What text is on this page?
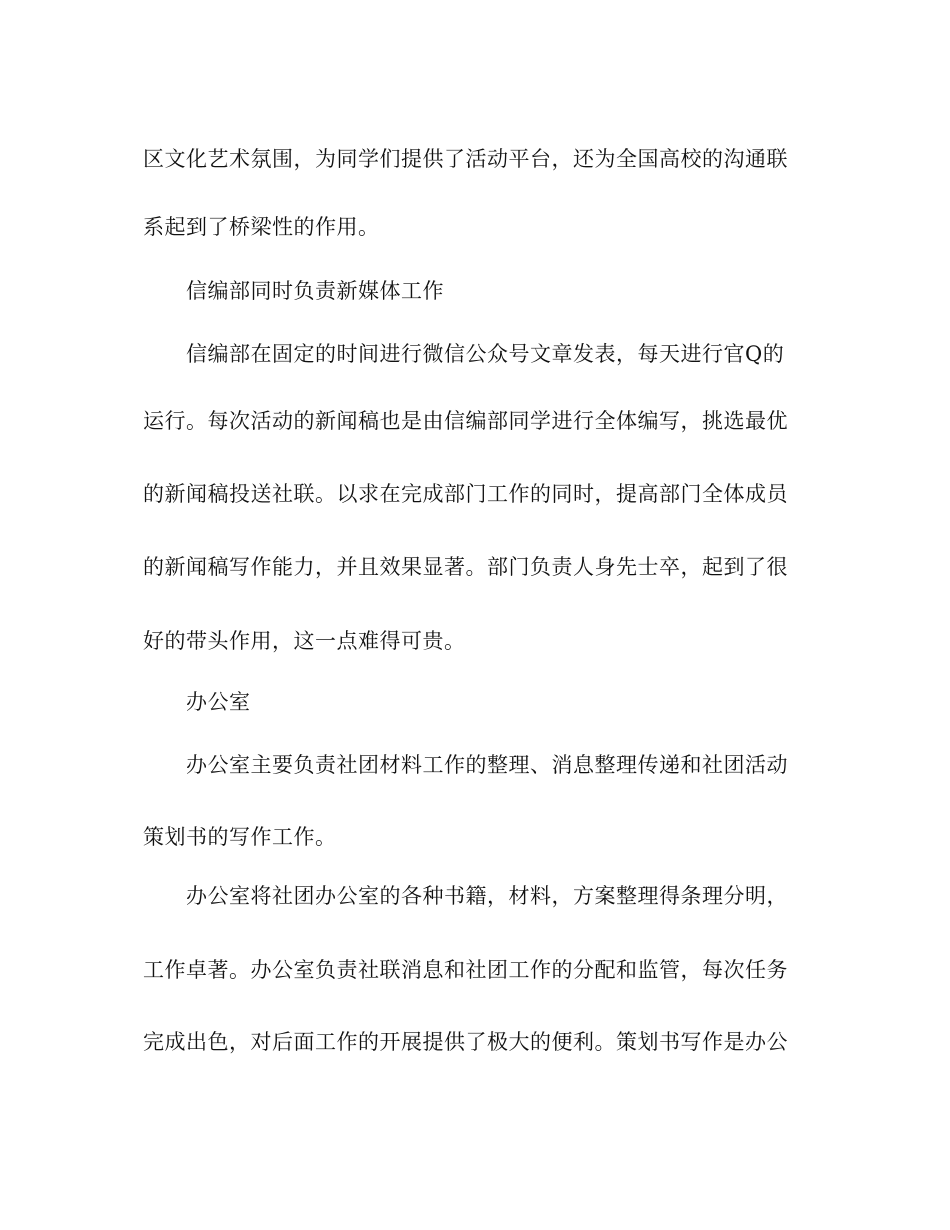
区文化艺术氛围，为同学们提供了活动平台，还为全国高校的沟通联
系起到了桥梁性的作用。
信编部同时负责新媒体工作
信编部在固定的时间进行微信公众号文章发表，每天进行官Q的
运行。每次活动的新闻稿也是由信编部同学进行全体编写，挑选最优
的新闻稿投送社联。以求在完成部门工作的同时，提高部门全体成员
的新闻稿写作能力，并且效果显著。部门负责人身先士卒，起到了很
好的带头作用，这一点难得可贵。
办公室
办公室主要负责社团材料工作的整理、消息整理传递和社团活动
策划书的写作工作。
办公室将社团办公室的各种书籍，材料，方案整理得条理分明，
工作卓著。办公室负责社联消息和社团工作的分配和监管，每次任务
完成出色，对后面工作的开展提供了极大的便利。策划书写作是办公
